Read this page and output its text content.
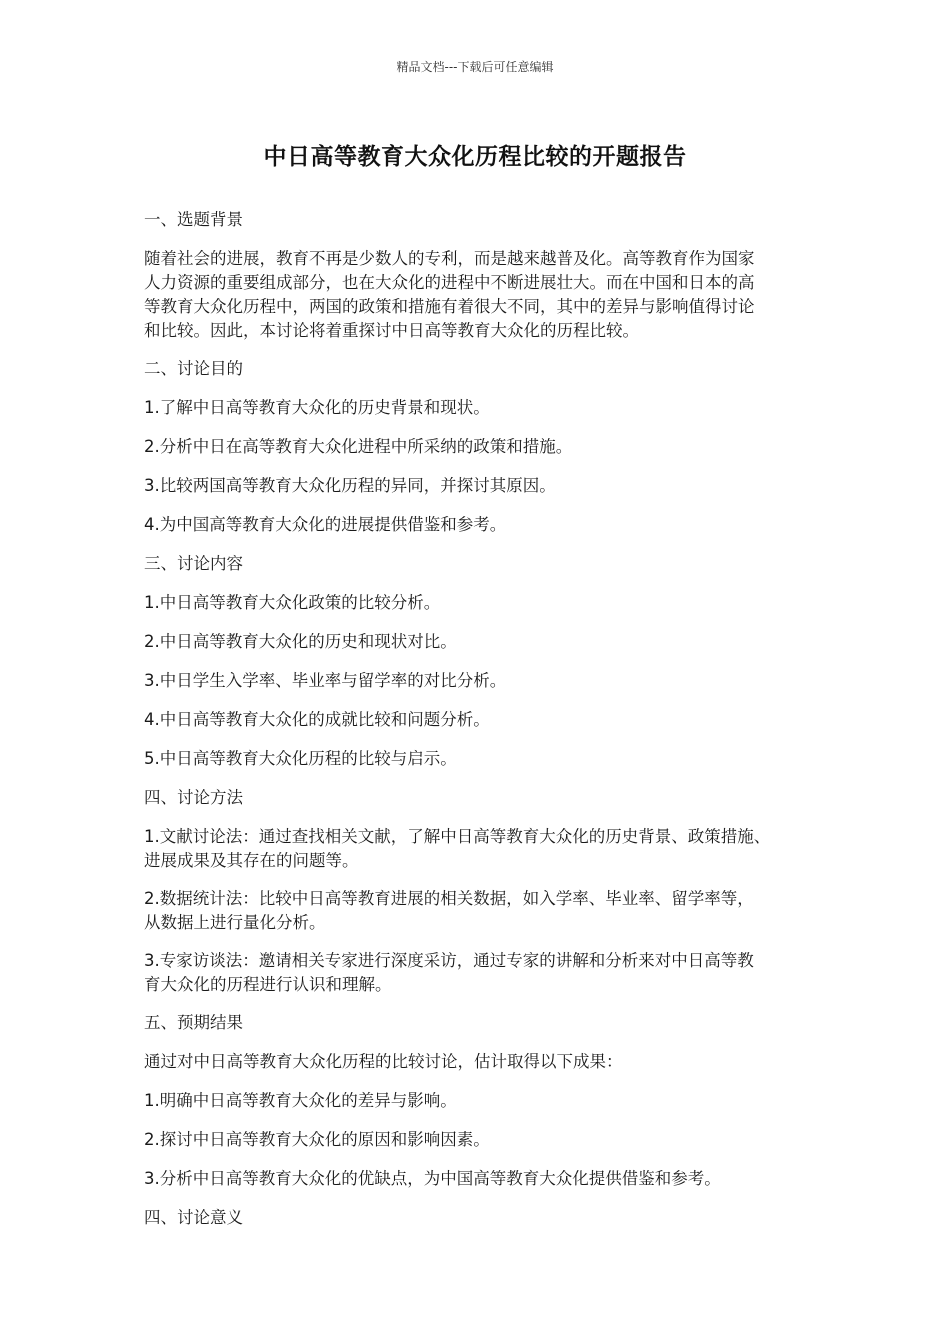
精品文档---下载后可任意编辑
中日高等教育大众化历程比较的开题报告
一、选题背景
随着社会的进展，教育不再是少数人的专利，而是越来越普及化。高等教育作为国家
人力资源的重要组成部分，也在大众化的进程中不断进展壮大。而在中国和日本的高
等教育大众化历程中，两国的政策和措施有着很大不同，其中的差异与影响值得讨论
和比较。因此，本讨论将着重探讨中日高等教育大众化的历程比较。
二、讨论目的
1.了解中日高等教育大众化的历史背景和现状。
2.分析中日在高等教育大众化进程中所采纳的政策和措施。
3.比较两国高等教育大众化历程的异同，并探讨其原因。
4.为中国高等教育大众化的进展提供借鉴和参考。
三、讨论内容
1.中日高等教育大众化政策的比较分析。
2.中日高等教育大众化的历史和现状对比。
3.中日学生入学率、毕业率与留学率的对比分析。
4.中日高等教育大众化的成就比较和问题分析。
5.中日高等教育大众化历程的比较与启示。
四、讨论方法
1.文献讨论法：通过查找相关文献，了解中日高等教育大众化的历史背景、政策措施、
进展成果及其存在的问题等。
2.数据统计法：比较中日高等教育进展的相关数据，如入学率、毕业率、留学率等，
从数据上进行量化分析。
3.专家访谈法：邀请相关专家进行深度采访，通过专家的讲解和分析来对中日高等教
育大众化的历程进行认识和理解。
五、预期结果
通过对中日高等教育大众化历程的比较讨论，估计取得以下成果：
1.明确中日高等教育大众化的差异与影响。
2.探讨中日高等教育大众化的原因和影响因素。
3.分析中日高等教育大众化的优缺点，为中国高等教育大众化提供借鉴和参考。
四、讨论意义
